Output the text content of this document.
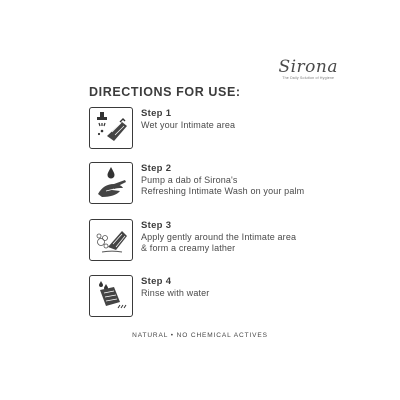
Sirona
The Daily Solution of Hygiene
DIRECTIONS FOR USE:
Step 1
Wet your Intimate area
Step 2
Pump a dab of Sirona's
Refreshing Intimate Wash on your palm
Step 3
Apply gently around the Intimate area
& form a creamy lather
Step 4
Rinse with water
NATURAL • NO CHEMICAL ACTIVES
